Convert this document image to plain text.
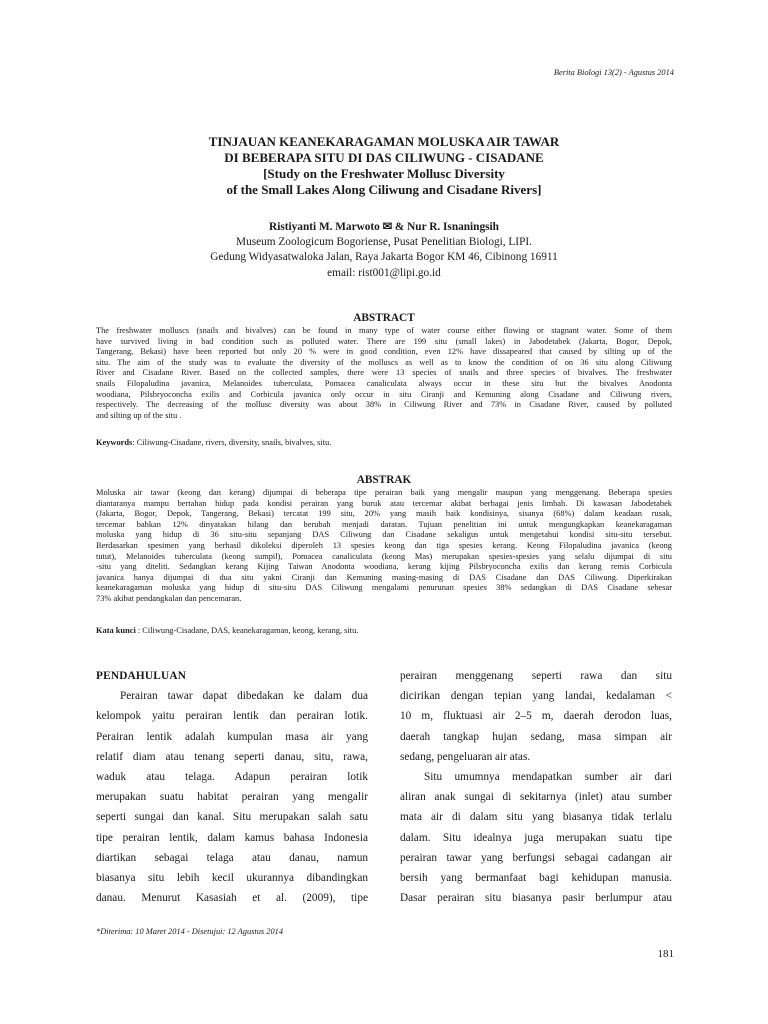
Berita Biologi 13(2) - Agustus 2014
TINJAUAN KEANEKARAGAMAN MOLUSKA AIR TAWAR
DI BEBERAPA SITU DI DAS CILIWUNG - CISADANE
[Study on the Freshwater Mollusc Diversity
of the Small Lakes Along Ciliwung and Cisadane Rivers]
Ristiyanti M. Marwoto ✉ & Nur R. Isnaningsih
Museum Zoologicum Bogoriense, Pusat Penelitian Biologi, LIPI.
Gedung Widyasatwaloka Jalan, Raya Jakarta Bogor KM 46, Cibinong 16911
email: rist001@lipi.go.id
ABSTRACT
The freshwater molluscs (snails and bivalves) can be found in many type of water course either flowing or stagnant water. Some of them
have survived living in bad condition such as polluted water. There are 199 situ (small lakes) in Jabodetabek (Jakarta, Bogor, Depok,
Tangerang, Bekasi) have been reported but only 20 % were in good condition, even 12% have dissapeared that caused by silting up of the
situ. The aim of the study was to evaluate the diversity of the molluscs as well as to know the condition of on 36 situ along Ciliwung
River and Cisadane River. Based on the collected samples, there were 13 species of snails and three species of bivalves. The freshwater
snails Filopaludina javanica, Melanoides tuberculata, Pomacea canaliculata always occur in these situ but the bivalves Anodonta
woodiana, Pilsbryoconcha exilis and Corbicula javanica only occur in situ Ciranji and Kemuning along Cisadane and Ciliwung rivers,
respectively. The decreasing of the mollusc diversity was about 38% in Ciliwung River and 73% in Cisadane River, caused by polluted
and silting up of the situ .
Keywords: Ciliwung-Cisadane, rivers, diversity, snails, bivalves, situ.
ABSTRAK
Moluska air tawar (keong dan kerang) dijumpai di beberapa tipe perairan baik yang mengalir maupun yang menggenang. Beberapa spesies
diantaranya mampu bertahan hidup pada kondisi perairan yang buruk atau tercemar akibat berbagai jenis limbah. Di kawasan Jabodetabek
(Jakarta, Bogor, Depok, Tangerang, Bekasi) tercatat 199 situ, 20% yang masih baik kondisinya, sisanya (68%) dalam keadaan rusak,
tercemar bahkan 12% dinyatakan hilang dan berubah menjadi daratan. Tujuan penelitian ini untuk mengungkapkan keanekaragaman
moluska yang hidup di 36 situ-situ sepanjang DAS Ciliwung dan Cisadane sekaligus untuk mengetahui kondisi situ-situ tersebut.
Berdasarkan spesimen yang berhasil dikoleksi diperoleh 13 spesies keong dan tiga spesies kerang. Keong Filopaludina javanica (keong
tutut), Melanoides tuberculata (keong sumpil), Pomacea canaliculata (keong Mas) merupakan spesies-spesies yang selalu dijumpai di situ
-situ yang diteliti. Sedangkan kerang Kijing Taiwan Anodonta woodiana, kerang kijing Pilsbryoconcha exilis dan kerang remis Corbicula
javanica hanya dijumpai di dua situ yakni Ciranji dan Kemuning masing-masing di DAS Cisadane dan DAS Ciliwung. Diperkirakan
keanekaragaman moluska yang hidup di situ-situ DAS Ciliwung mengalami penurunan spesies 38% sedangkan di DAS Cisadane sebesar
73% akibat pendangkalan dan pencemaran.
Kata kunci : Ciliwung-Cisadane, DAS, keanekaragaman, keong, kerang, situ.
PENDAHULUAN
Perairan tawar dapat dibedakan ke dalam dua
kelompok yaitu perairan lentik dan perairan lotik.
Perairan lentik adalah kumpulan masa air yang
relatif diam atau tenang seperti danau, situ, rawa,
waduk atau telaga. Adapun perairan lotik
merupakan suatu habitat perairan yang mengalir
seperti sungai dan kanal. Situ merupakan salah satu
tipe perairan lentik, dalam kamus bahasa Indonesia
diartikan sebagai telaga atau danau, namun
biasanya situ lebih kecil ukurannya dibandingkan
danau. Menurut Kasasiah et al. (2009), tipe
perairan menggenang seperti rawa dan situ
dicirikan dengan tepian yang landai, kedalaman <
10 m, fluktuasi air 2–5 m, daerah derodon luas,
daerah tangkap hujan sedang, masa simpan air
sedang, pengeluaran air atas.
Situ umumnya mendapatkan sumber air dari
aliran anak sungai di sekitarnya (inlet) atau sumber
mata air di dalam situ yang biasanya tidak terlalu
dalam. Situ idealnya juga merupakan suatu tipe
perairan tawar yang berfungsi sebagai cadangan air
bersih yang bermanfaat bagi kehidupan manusia.
Dasar perairan situ biasanya pasir berlumpur atau
*Diterima: 10 Maret 2014 - Disetujui: 12 Agustus 2014
181
